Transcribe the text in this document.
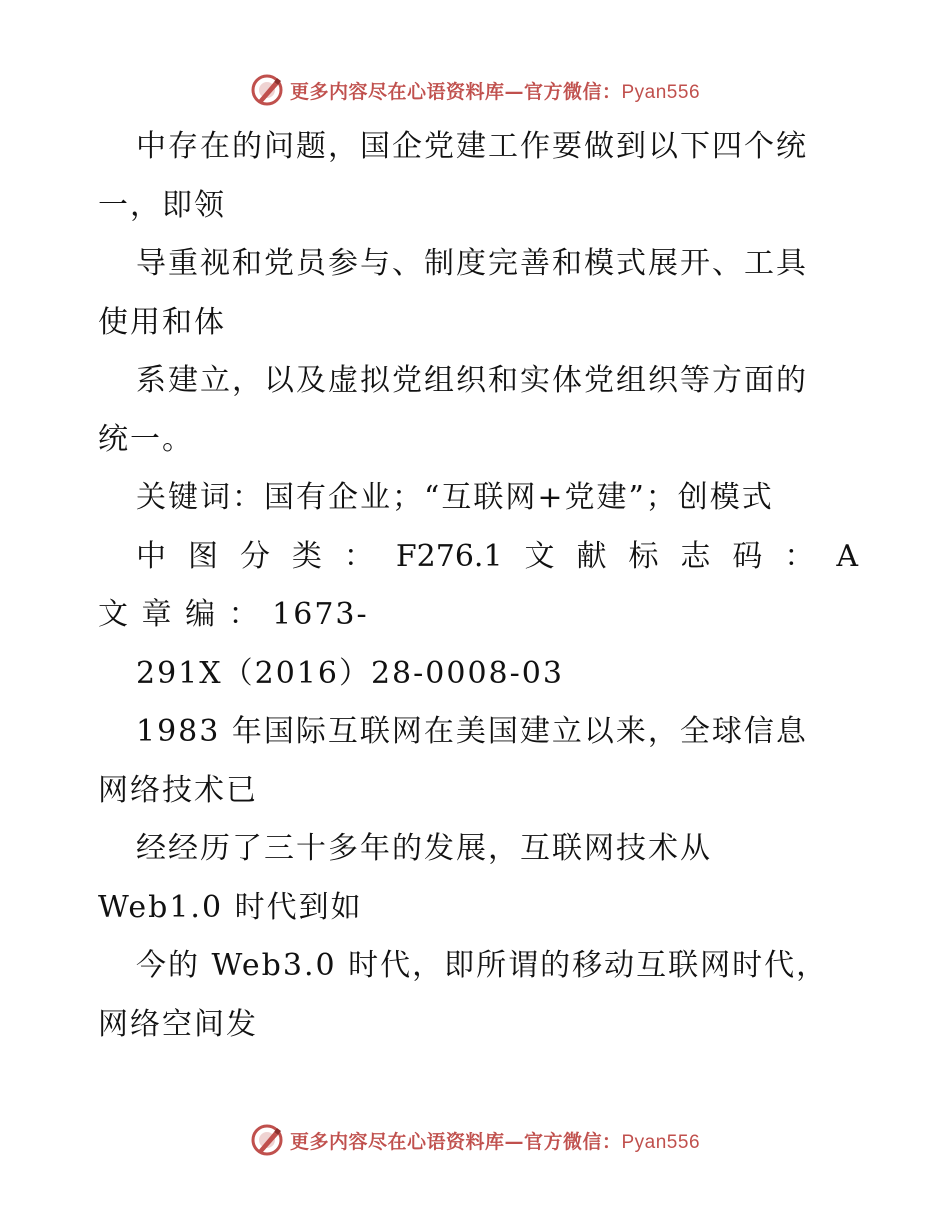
更多内容尽在心语资料库—官方微信：Pyan556
中存在的问题，国企党建工作要做到以下四个统
一，即领
导重视和党员参与、制度完善和模式展开、工具
使用和体
系建立，以及虚拟党组织和实体党组织等方面的
统一。
关键词：国有企业；“互联网+党建”；创模式
中 图 分 类 ： F276.1 文 献 标 志 码 ： A
文 章 编 ： 1673-
291X（2016）28-0008-03
1983 年国际互联网在美国建立以来，全球信息
网络技术已
经经历了三十多年的发展，互联网技术从
Web1.0 时代到如
今的 Web3.0 时代，即所谓的移动互联网时代，
网络空间发
更多内容尽在心语资料库—官方微信：Pyan556
